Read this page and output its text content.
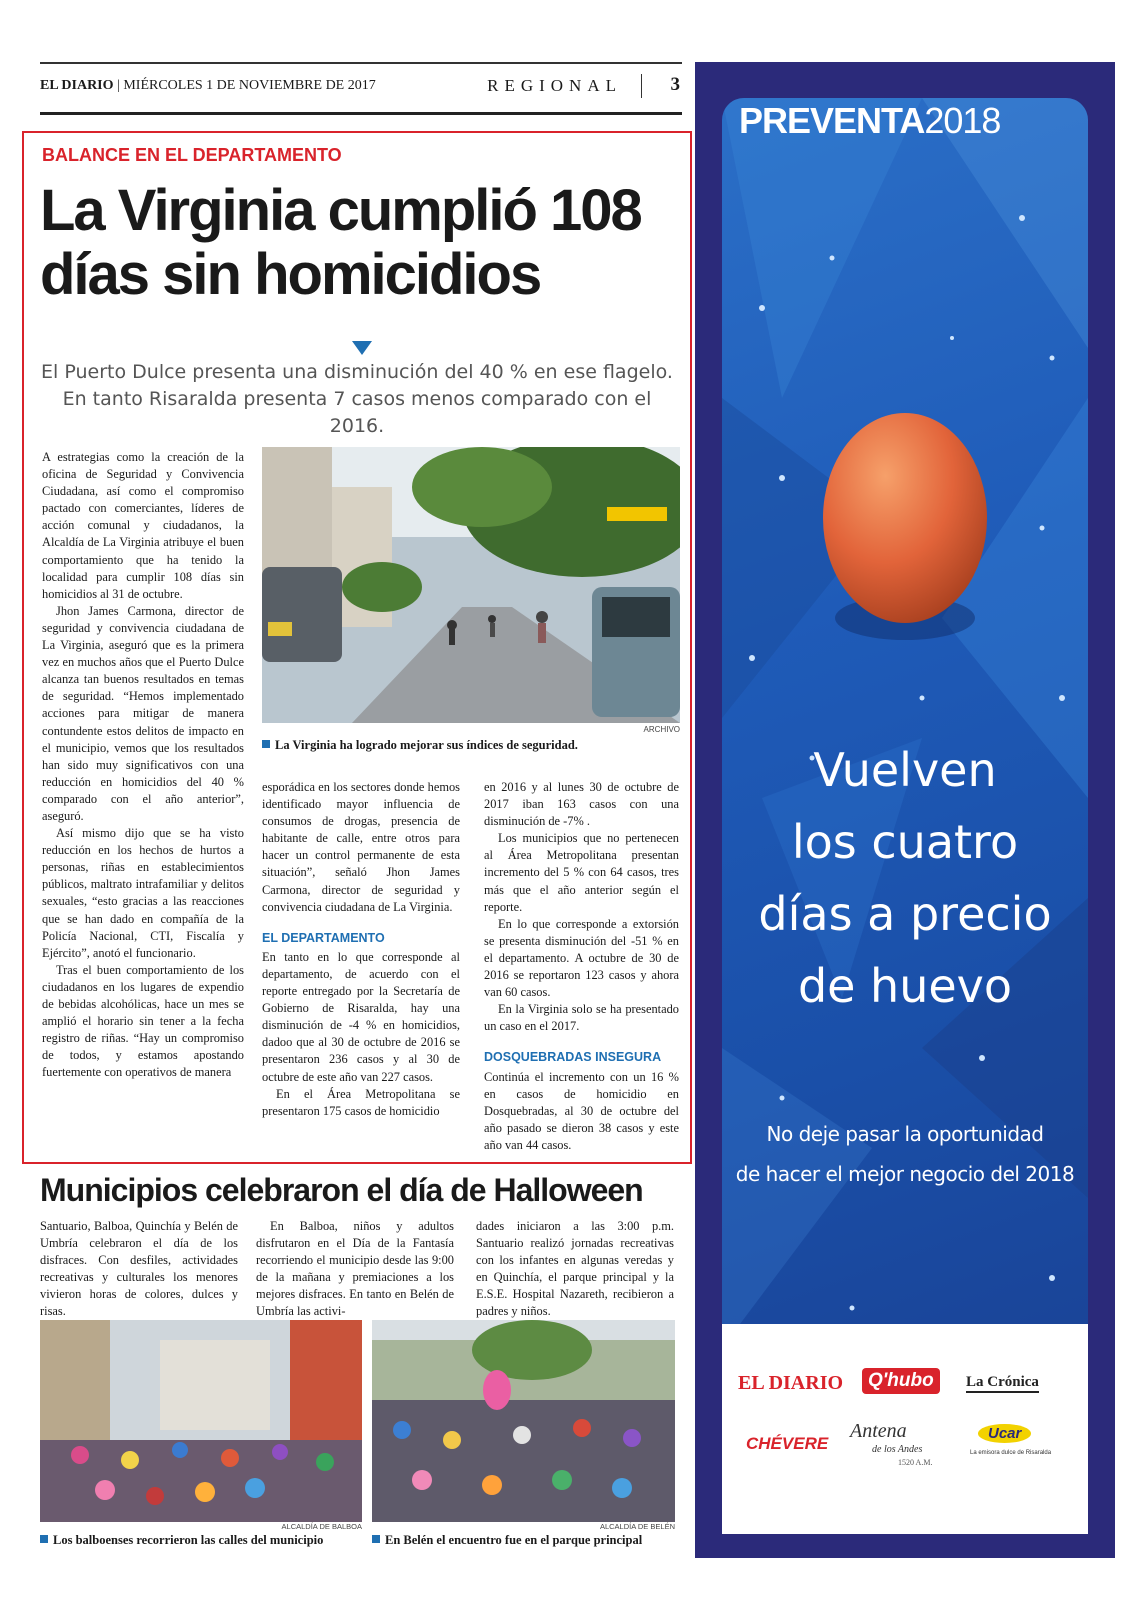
EL DIARIO | MIÉRCOLES 1 DE NOVIEMBRE DE 2017	REGIONAL	3
BALANCE EN EL DEPARTAMENTO
La Virginia cumplió 108
días sin homicidios
El Puerto Dulce presenta una disminución del 40 % en ese flagelo.
En tanto Risaralda presenta 7 casos menos comparado con el 2016.

A estrategias como la creación de la oficina de Seguridad y Convivencia Ciudadana, así como el compromiso pactado con comerciantes, líderes de acción comunal y ciudadanos, la Alcaldía de La Virginia atribuye el buen comportamiento que ha tenido la localidad para cumplir 108 días sin homicidios al 31 de octubre.

Jhon James Carmona, director de seguridad y convivencia ciudadana de La Virginia, aseguró que es la primera vez en muchos años que el Puerto Dulce alcanza tan buenos resultados en temas de seguridad. “Hemos implementado acciones para mitigar de manera contundente estos delitos de impacto en el municipio, vemos que los resultados han sido muy significativos con una reducción en homicidios del 40 % comparado con el año anterior”, aseguró.

Así mismo dijo que se ha visto reducción en los hechos de hurtos a personas, riñas en establecimientos públicos, maltrato intrafamiliar y delitos sexuales, “esto gracias a las reacciones que se han dado en compañía de la Policía Nacional, CTI, Fiscalía y Ejército”, anotó el funcionario.

Tras el buen comportamiento de los ciudadanos en los lugares de expendio de bebidas alcohólicas, hace un mes se amplió el horario sin tener a la fecha registro de riñas. “Hay un compromiso de todos, y estamos apostando fuertemente con operativos de manera

ARCHIVO
La Virginia ha logrado mejorar sus índices de seguridad.

esporádica en los sectores donde hemos identificado mayor influencia de consumos de drogas, presencia de habitante de calle, entre otros para hacer un control permanente de esta situación”, señaló Jhon James Carmona, director de seguridad y convivencia ciudadana de La Virginia.

EL DEPARTAMENTO

En tanto en lo que corresponde al departamento, de acuerdo con el reporte entregado por la Secretaría de Gobierno de Risaralda, hay una disminución de -4 % en homicidios, dadoo que al 30 de octubre de 2016 se presentaron 236 casos y al 30 de octubre de este año van 227 casos.

En el Área Metropolitana se presentaron 175 casos de homicidio

en 2016 y al lunes 30 de octubre de 2017 iban 163 casos con una disminución de -7% .

Los municipios que no pertenecen al Área Metropolitana presentan incremento del 5 % con 64 casos, tres más que el año anterior según el reporte.

En lo que corresponde a extorsión se presenta disminución del -51 % en el departamento. A octubre de 30 de 2016 se reportaron 123 casos y ahora van 60 casos.

En la Virginia solo se ha presentado un caso en el 2017.

DOSQUEBRADAS INSEGURA

Continúa el incremento con un 16 % en casos de homicidio en Dosquebradas, al 30 de octubre del año pasado se dieron 38 casos y este año van 44 casos.

Municipios celebraron el día de Halloween

Santuario, Balboa, Quinchía y Belén de Umbría celebraron el día de los disfraces. Con desfiles, actividades recreativas y culturales los menores vivieron horas de colores, dulces y risas.

En Balboa, niños y adultos disfrutaron en el Día de la Fantasía recorriendo el municipio desde las 9:00 de la mañana y premiaciones a los mejores disfraces. En tanto en Belén de Umbría las activi-

dades iniciaron a las 3:00 p.m. Santuario realizó jornadas recreativas con los infantes en algunas veredas y en Quinchía, el parque principal y la E.S.E. Hospital Nazareth, recibieron a padres y niños.

ALCALDÍA DE BALBOA	ALCALDÍA DE BELÉN
Los balboenses recorrieron las calles del municipio	En Belén el encuentro fue en el parque principal
PREVENTA2018
Vuelven
los cuatro
días a precio
de huevo
No deje pasar la oportunidad
de hacer el mejor negocio del 2018
EL DIARIO	Q'hubo	La Crónica
CHÉVERE
Antena
de los Andes
1520 A.M.
Ucar
La emisora dulce de Risaralda
